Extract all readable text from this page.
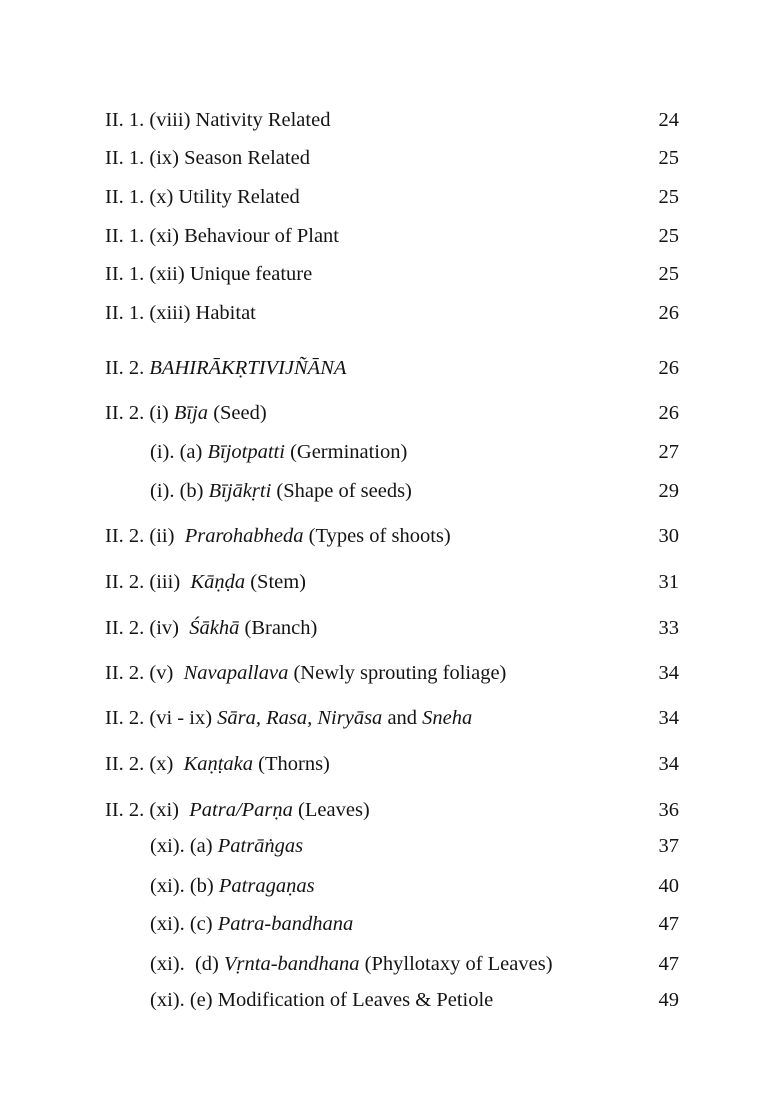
II. 1. (viii) Nativity Related	24
II. 1. (ix) Season Related	25
II. 1. (x) Utility Related	25
II. 1. (xi) Behaviour of Plant	25
II. 1. (xii) Unique feature	25
II. 1. (xiii) Habitat	26
II. 2. BAHIRĀKṚTIVIJÑĀNA	26
II. 2. (i) Bīja (Seed)	26
(i). (a) Bījotpatti (Germination)	27
(i). (b) Bījākṛti (Shape of seeds)	29
II. 2. (ii)  Prarohabheda (Types of shoots)	30
II. 2. (iii)  Kāṇḍa (Stem)	31
II. 2. (iv)  Śākhā (Branch)	33
II. 2. (v)  Navapallava (Newly sprouting foliage)	34
II. 2. (vi - ix) Sāra, Rasa, Niryāsa and Sneha	34
II. 2. (x)  Kaṇṭaka (Thorns)	34
II. 2. (xi)  Patra/Parṇa (Leaves)	36
(xi). (a) Patrāṅgas	37
(xi). (b) Patragaṇas	40
(xi). (c) Patra-bandhana	47
(xi).  (d) Vṛnta-bandhana (Phyllotaxy of Leaves)	47
(xi). (e) Modification of Leaves & Petiole	49
